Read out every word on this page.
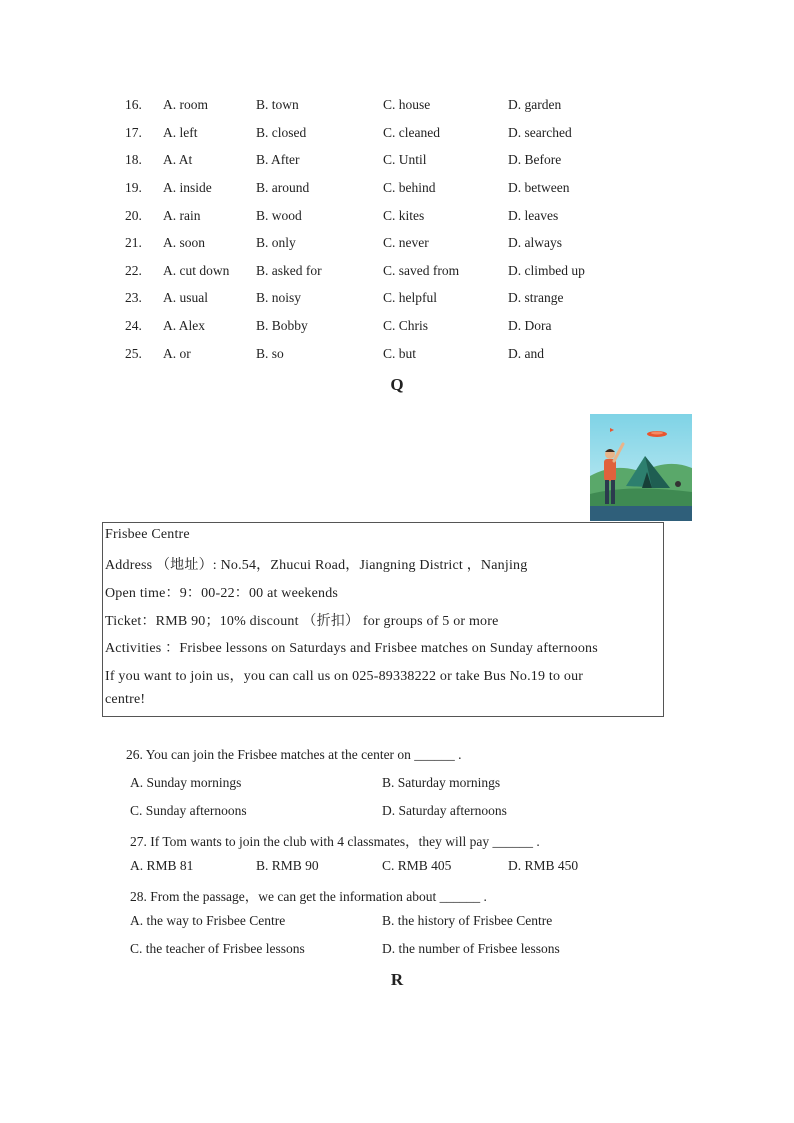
16. A. room	B. town	C. house	D. garden
17. A. left	B. closed	C. cleaned	D. searched
18. A. At	B. After	C. Until	D. Before
19. A. inside	B. around	C. behind	D. between
20. A. rain	B. wood	C. kites	D. leaves
21. A. soon	B. only	C. never	D. always
22. A. cut down B. asked for	C. saved from	D. climbed up
23. A. usual	B. noisy	C. helpful	D. strange
24. A. Alex	B. Bobby	C. Chris	D. Dora
25. A. or	B. so	C. but	D. and
Q
Frisbee Centre
Address （地址）: No.54，Zhucui Road，Jiangning District ，Nanjing
Open time：9：00-22：00 at weekends
Ticket：RMB 90；10% discount （折扣） for groups of 5 or more
Activities ：Frisbee lessons on Saturdays and Frisbee matches on Sunday afternoons
If you want to join us，you can call us on 025-89338222 or take Bus No.19 to our
centre!
26. You can join the Frisbee matches at the center on ______ .
A. Sunday mornings	B. Saturday mornings
C. Sunday afternoons	D. Saturday afternoons
27. If Tom wants to join the club with 4 classmates，they will pay ______ .
A. RMB 81	B. RMB 90	C. RMB 405	D. RMB 450
28. From the passage，we can get the information about ______ .
A. the way to Frisbee Centre	B. the history of Frisbee Centre
C. the teacher of Frisbee lessons	D. the number of Frisbee lessons
R
